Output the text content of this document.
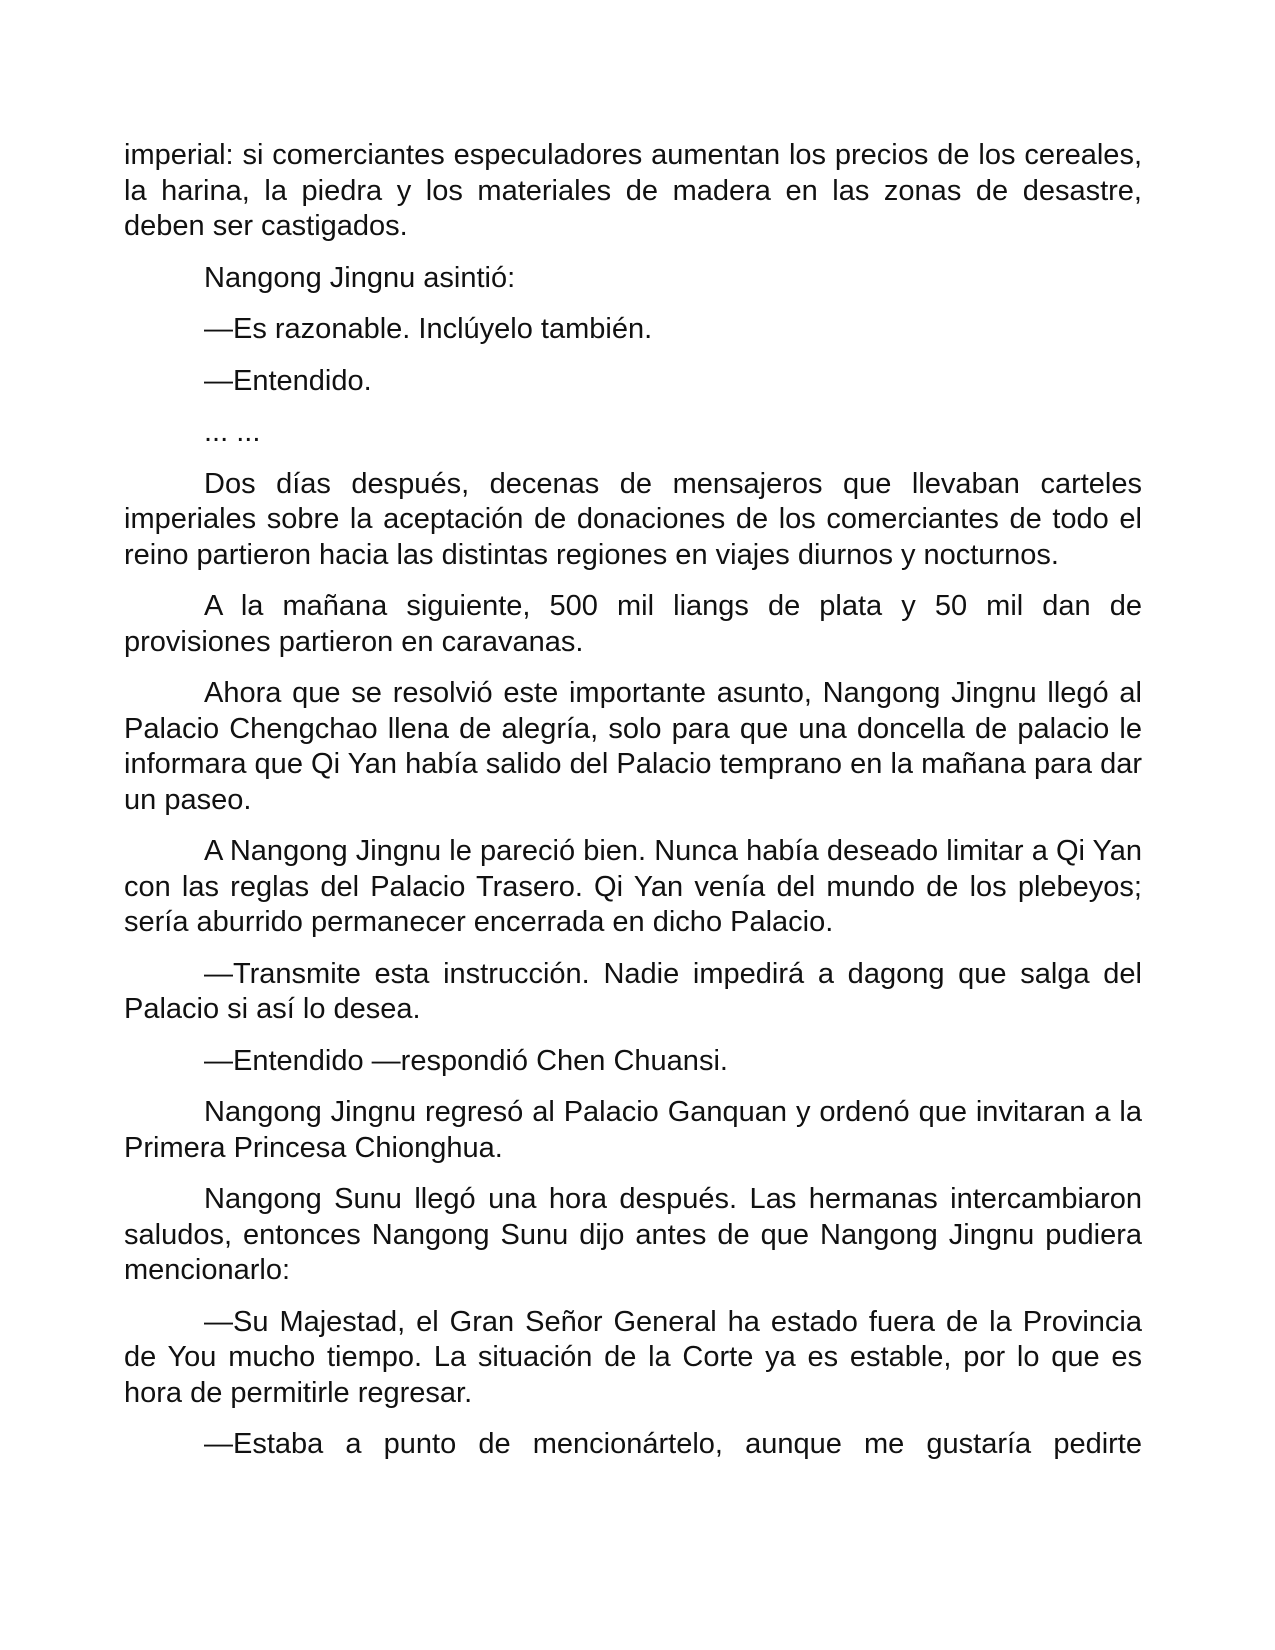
imperial: si comerciantes especuladores aumentan los precios de los cereales, la harina, la piedra y los materiales de madera en las zonas de desastre, deben ser castigados.

Nangong Jingnu asintió:

—Es razonable. Inclúyelo también.

—Entendido.

... ...

Dos días después, decenas de mensajeros que llevaban carteles imperiales sobre la aceptación de donaciones de los comerciantes de todo el reino partieron hacia las distintas regiones en viajes diurnos y nocturnos.

A la mañana siguiente, 500 mil liangs de plata y 50 mil dan de provisiones partieron en caravanas.

Ahora que se resolvió este importante asunto, Nangong Jingnu llegó al Palacio Chengchao llena de alegría, solo para que una doncella de palacio le informara que Qi Yan había salido del Palacio temprano en la mañana para dar un paseo.

A Nangong Jingnu le pareció bien. Nunca había deseado limitar a Qi Yan con las reglas del Palacio Trasero. Qi Yan venía del mundo de los plebeyos; sería aburrido permanecer encerrada en dicho Palacio.

—Transmite esta instrucción. Nadie impedirá a dagong que salga del Palacio si así lo desea.

—Entendido —respondió Chen Chuansi.

Nangong Jingnu regresó al Palacio Ganquan y ordenó que invitaran a la Primera Princesa Chionghua.

Nangong Sunu llegó una hora después. Las hermanas intercambiaron saludos, entonces Nangong Sunu dijo antes de que Nangong Jingnu pudiera mencionarlo:

—Su Majestad, el Gran Señor General ha estado fuera de la Provincia de You mucho tiempo. La situación de la Corte ya es estable, por lo que es hora de permitirle regresar.

—Estaba a punto de mencionártelo, aunque me gustaría pedirte
